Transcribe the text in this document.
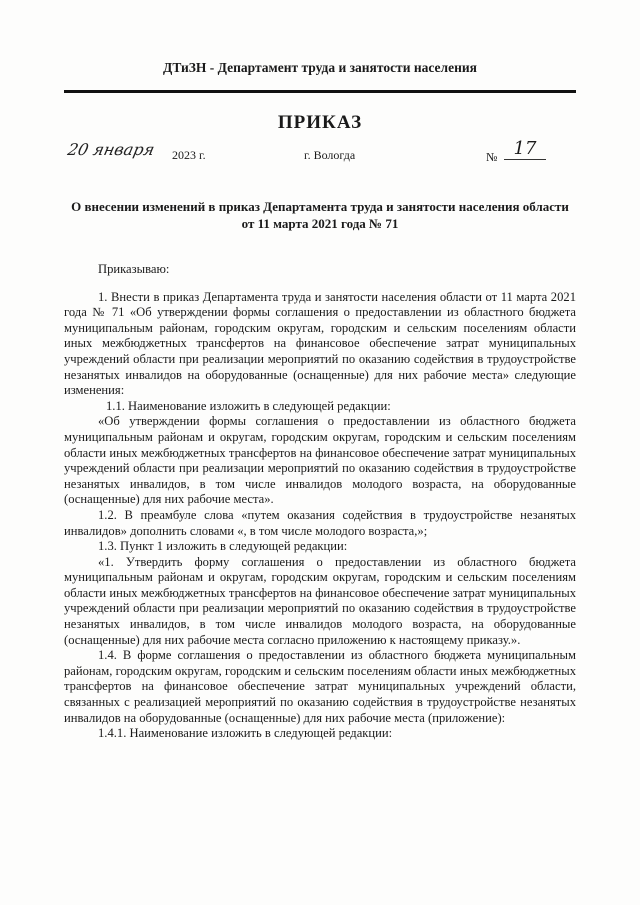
ДТиЗН - Департамент труда и занятости населения
ПРИКАЗ
20 января 2023 г.	г. Вологда	№ 17
О внесении изменений в приказ Департамента труда и занятости населения области от 11 марта 2021 года № 71

Приказываю:

1. Внести в приказ Департамента труда и занятости населения области от 11 марта 2021 года № 71 «Об утверждении формы соглашения о предоставлении из областного бюджета муниципальным районам, городским округам, городским и сельским поселениям области иных межбюджетных трансфертов на финансовое обеспечение затрат муниципальных учреждений области при реализации мероприятий по оказанию содействия в трудоустройстве незанятых инвалидов на оборудованные (оснащенные) для них рабочие места» следующие изменения:

1.1. Наименование изложить в следующей редакции:

«Об утверждении формы соглашения о предоставлении из областного бюджета муниципальным районам и округам, городским округам, городским и сельским поселениям области иных межбюджетных трансфертов на финансовое обеспечение затрат муниципальных учреждений области при реализации мероприятий по оказанию содействия в трудоустройстве незанятых инвалидов, в том числе инвалидов молодого возраста, на оборудованные (оснащенные) для них рабочие места».

1.2. В преамбуле слова «путем оказания содействия в трудоустройстве незанятых инвалидов» дополнить словами «, в том числе молодого возраста,»;

1.3. Пункт 1 изложить в следующей редакции:

«1. Утвердить форму соглашения о предоставлении из областного бюджета муниципальным районам и округам, городским округам, городским и сельским поселениям области иных межбюджетных трансфертов на финансовое обеспечение затрат муниципальных учреждений области при реализации мероприятий по оказанию содействия в трудоустройстве незанятых инвалидов, в том числе инвалидов молодого возраста, на оборудованные (оснащенные) для них рабочие места согласно приложению к настоящему приказу.».

1.4. В форме соглашения о предоставлении из областного бюджета муниципальным районам, городским округам, городским и сельским поселениям области иных межбюджетных трансфертов на финансовое обеспечение затрат муниципальных учреждений области, связанных с реализацией мероприятий по оказанию содействия в трудоустройстве незанятых инвалидов на оборудованные (оснащенные) для них рабочие места (приложение):

1.4.1. Наименование изложить в следующей редакции:
